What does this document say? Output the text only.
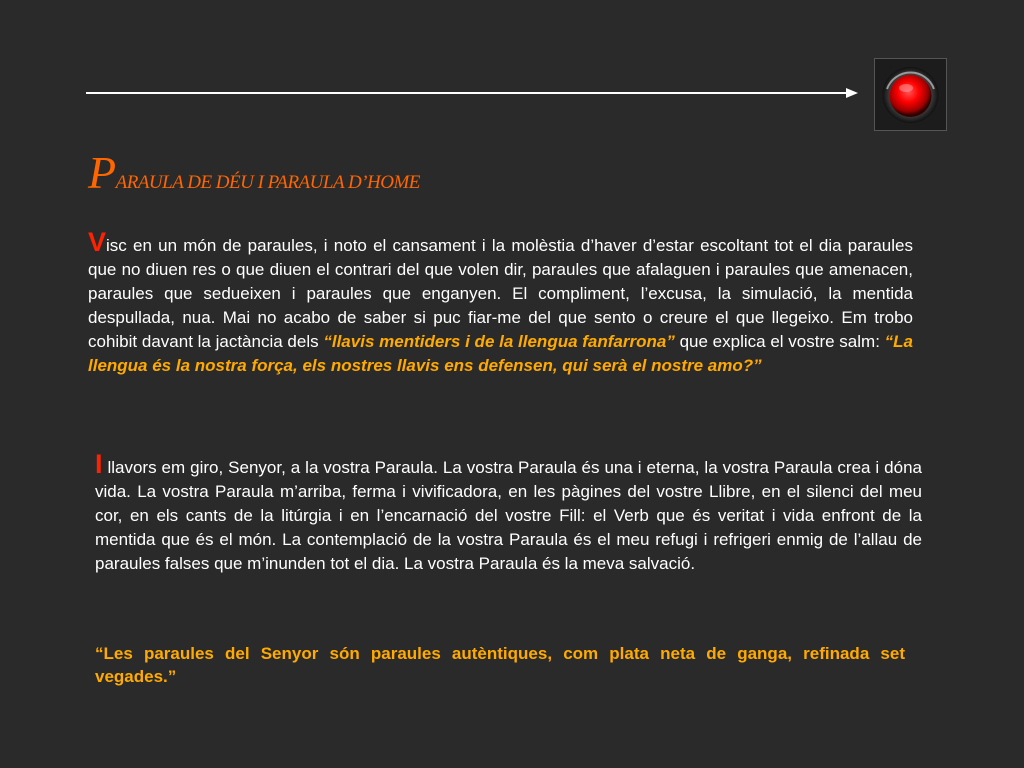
PARAULA DE DÉU I PARAULA D’HOME
Visc en un món de paraules, i noto el cansament i la molèstia d’haver d’estar escoltant tot el dia paraules que no diuen res o que diuen el contrari del que volen dir, paraules que afalaguen i paraules que amenacen, paraules que sedueixen i paraules que enganyen. El compliment, l’excusa, la simulació, la mentida despullada, nua. Mai no acabo de saber si puc fiar-me del que sento o creure el que llegeixo. Em trobo cohibit davant la jactància dels “llavis mentiders i de la llengua fanfarrona” que explica el vostre salm: “La llengua és la nostra força, els nostres llavis ens defensen, qui serà el nostre amo?”
I llavors em giro, Senyor, a la vostra Paraula. La vostra Paraula és una i eterna, la vostra Paraula crea i dóna vida. La vostra Paraula m’arriba, ferma i vivificadora, en les pàgines del vostre Llibre, en el silenci del meu cor, en els cants de la litúrgia i en l’encarnació del vostre Fill: el Verb que és veritat i vida enfront de la mentida que és el món. La contemplació de la vostra Paraula és el meu refugi i refrigeri enmig de l’allau de paraules falses que m’inunden tot el dia. La vostra Paraula és la meva salvació.
“Les paraules del Senyor són paraules autèntiques, com plata neta de ganga, refinada set vegades.”
